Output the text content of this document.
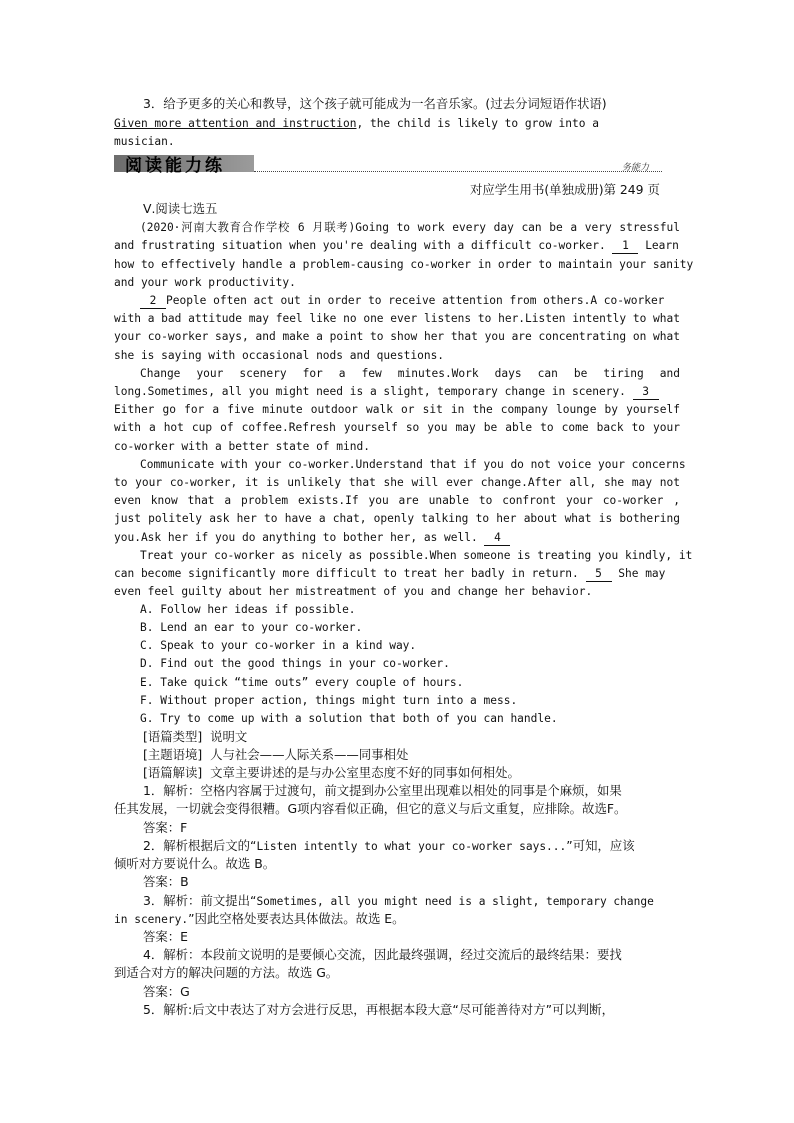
3．给予更多的关心和教导，这个孩子就可能成为一名音乐家。(过去分词短语作状语)
Given more attention and instruction, the child is likely to grow into a
musician.
阅读能力练	务能力
对应学生用书(单独成册)第 249 页
Ⅴ.阅读七选五
(2020·河南大教育合作学校 6 月联考)Going to work every day can be a very stressful
and frustrating situation when you're dealing with a difficult co-worker. 1 Learn
how to effectively handle a problem-causing co-worker in order to maintain your sanity
and your work productivity.
2 People often act out in order to receive attention from others.A co-worker
with a bad attitude may feel like no one ever listens to her.Listen intently to what
your co-worker says, and make a point to show her that you are concentrating on what
she is saying with occasional nods and questions.
Change your scenery for a few minutes.Work days can be tiring and
long.Sometimes, all you might need is a slight, temporary change in scenery. 3
Either go for a five minute outdoor walk or sit in the company lounge by yourself
with a hot cup of coffee.Refresh yourself so you may be able to come back to your
co-worker with a better state of mind.
Communicate with your co-worker.Understand that if you do not voice your concerns
to your co-worker, it is unlikely that she will ever change.After all, she may not
even know that a problem exists.If you are unable to confront your co-worker ,
just politely ask her to have a chat, openly talking to her about what is bothering
you.Ask her if you do anything to bother her, as well. 4
Treat your co-worker as nicely as possible.When someone is treating you kindly, it
can become significantly more difficult to treat her badly in return. 5 She may
even feel guilty about her mistreatment of you and change her behavior.
A. Follow her ideas if possible.
B. Lend an ear to your co-worker.
C. Speak to your co-worker in a kind way.
D. Find out the good things in your co-worker.
E. Take quick “time outs” every couple of hours.
F. Without proper action, things might turn into a mess.
G. Try to come up with a solution that both of you can handle.
[语篇类型] 说明文
[主题语境] 人与社会——人际关系——同事相处
[语篇解读] 文章主要讲述的是与办公室里态度不好的同事如何相处。
1．解析：空格内容属于过渡句，前文提到办公室里出现难以相处的同事是个麻烦，如果
任其发展，一切就会变得很糟。G项内容看似正确，但它的意义与后文重复，应排除。故选F。
答案：F
2．解析根据后文的“Listen intently to what your co-worker says...”可知，应该
倾听对方要说什么。故选 B。
答案：B
3．解析：前文提出“Sometimes, all you might need is a slight, temporary change
in scenery.”因此空格处要表达具体做法。故选 E。
答案：E
4．解析：本段前文说明的是要倾心交流，因此最终强调，经过交流后的最终结果：要找
到适合对方的解决问题的方法。故选 G。
答案：G
5．解析:后文中表达了对方会进行反思，再根据本段大意“尽可能善待对方”可以判断，
